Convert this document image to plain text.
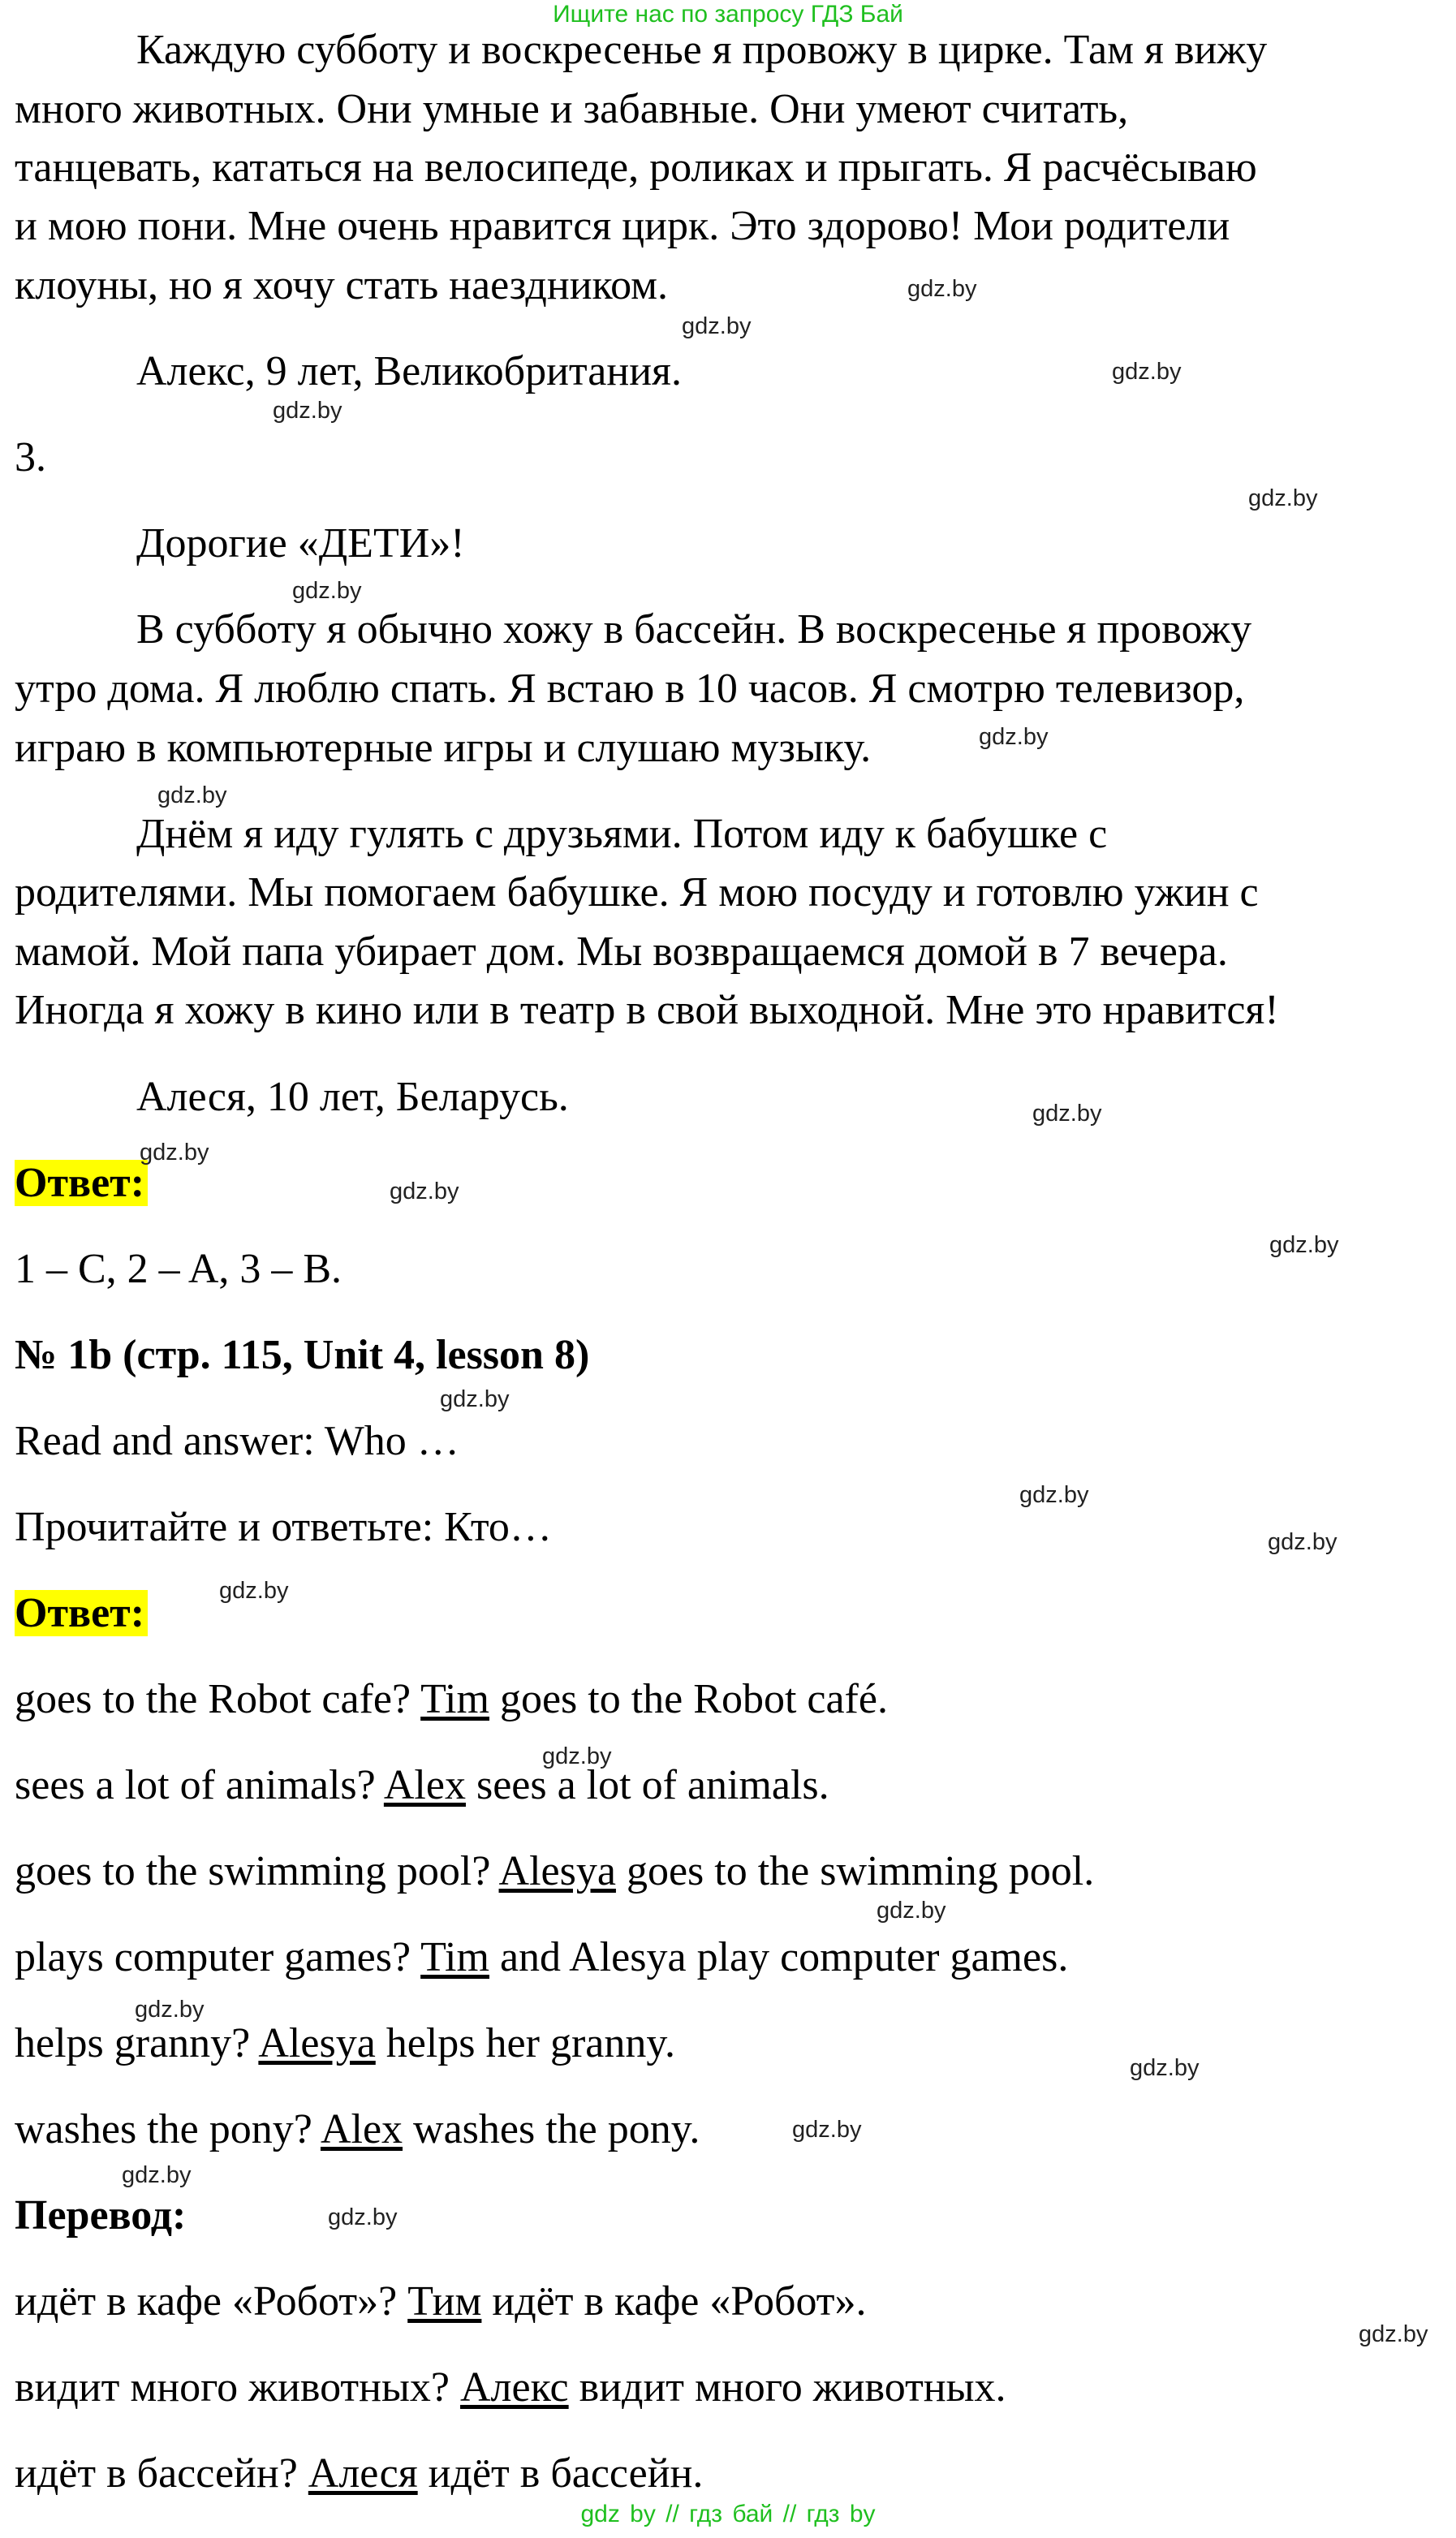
Ищите нас по запросу ГДЗ Бай
Каждую субботу и воскресенье я провожу в цирке. Там я вижу
много животных. Они умные и забавные. Они умеют считать,
танцевать, кататься на велосипеде, роликах и прыгать. Я расчёсываю
и мою пони. Мне очень нравится цирк. Это здорово! Мои родители
клоуны, но я хочу стать наездником.
Алекс, 9 лет, Великобритания.
3.
Дорогие «ДЕТИ»!
В субботу я обычно хожу в бассейн. В воскресенье я провожу
утро дома. Я люблю спать. Я встаю в 10 часов. Я смотрю телевизор,
играю в компьютерные игры и слушаю музыку.
Днём я иду гулять с друзьями. Потом иду к бабушке с
родителями. Мы помогаем бабушке. Я мою посуду и готовлю ужин с
мамой. Мой папа убирает дом. Мы возвращаемся домой в 7 вечера.
Иногда я хожу в кино или в театр в свой выходной. Мне это нравится!
Алеся, 10 лет, Беларусь.
Ответ:
1 – C, 2 – A, 3 – B.
№ 1b (стр. 115, Unit 4, lesson 8)
Read and answer: Who …
Прочитайте и ответьте: Кто…
Ответ:
goes to the Robot cafe? Tim goes to the Robot café.
sees a lot of animals? Alex sees a lot of animals.
goes to the swimming pool? Alesya goes to the swimming pool.
plays computer games? Tim and Alesya play computer games.
helps granny? Alesya helps her granny.
washes the pony? Alex washes the pony.
Перевод:
идёт в кафе «Робот»? Тим идёт в кафе «Робот».
видит много животных? Алекс видит много животных.
идёт в бассейн? Алеся идёт в бассейн.
gdz.by
gdz.by
gdz.by
gdz.by
gdz.by
gdz.by
gdz.by
gdz.by
gdz.by
gdz.by
gdz.by
gdz.by
gdz.by
gdz.by
gdz.by
gdz.by
gdz.by
gdz.by
gdz.by
gdz.by
gdz.by
gdz.by
gdz.by
gdz.by
gdz by // гдз бай // гдз by
